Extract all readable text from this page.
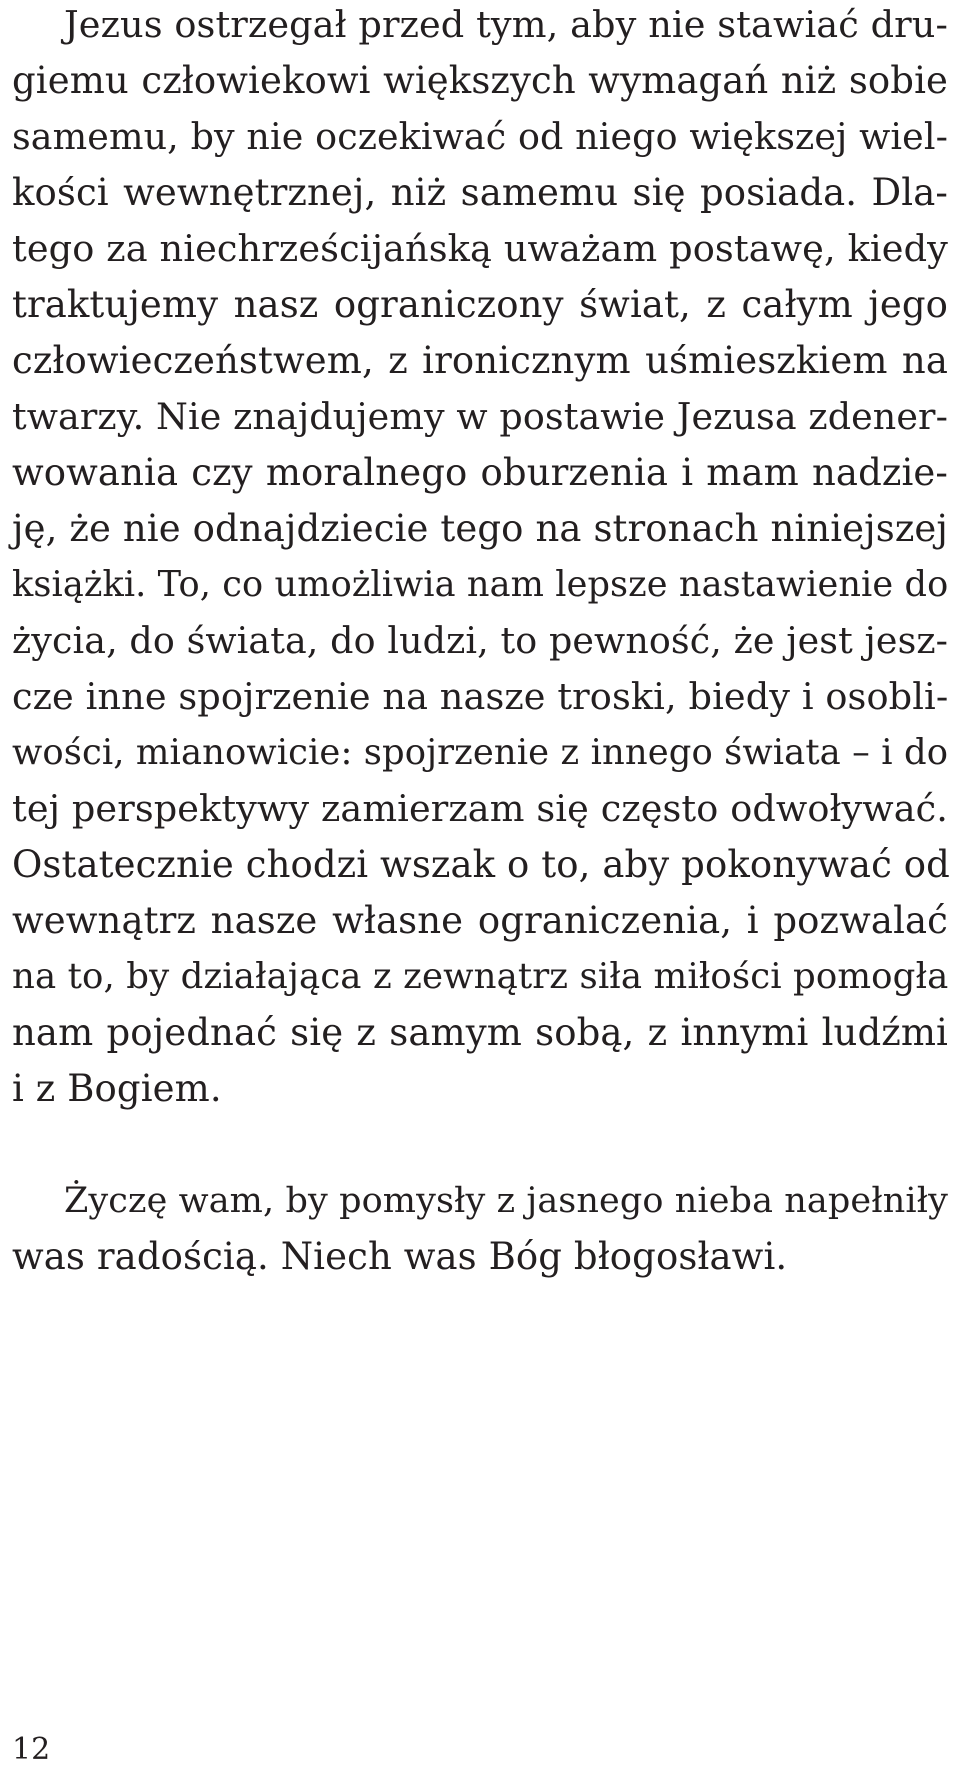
Jezus ostrzegał przed tym, aby nie stawiać dru-
giemu człowiekowi większych wymagań niż sobie
samemu, by nie oczekiwać od niego większej wiel-
kości wewnętrznej, niż samemu się posiada. Dla-
tego za niechrześcijańską uważam postawę, kiedy
traktujemy nasz ograniczony świat, z całym jego
człowieczeństwem, z ironicznym uśmieszkiem na
twarzy. Nie znajdujemy w postawie Jezusa zdener-
wowania czy moralnego oburzenia i mam nadzie-
ję, że nie odnajdziecie tego na stronach niniejszej
książki. To, co umożliwia nam lepsze nastawienie do
życia, do świata, do ludzi, to pewność, że jest jesz-
cze inne spojrzenie na nasze troski, biedy i osobli-
wości, mianowicie: spojrzenie z innego świata – i do
tej perspektywy zamierzam się często odwoływać.
Ostatecznie chodzi wszak o to, aby pokonywać od
wewnątrz nasze własne ograniczenia, i pozwalać
na to, by działająca z zewnątrz siła miłości pomogła
nam pojednać się z samym sobą, z innymi ludźmi
i z Bogiem.
Życzę wam, by pomysły z jasnego nieba napełniły
was radością. Niech was Bóg błogosławi.
12
